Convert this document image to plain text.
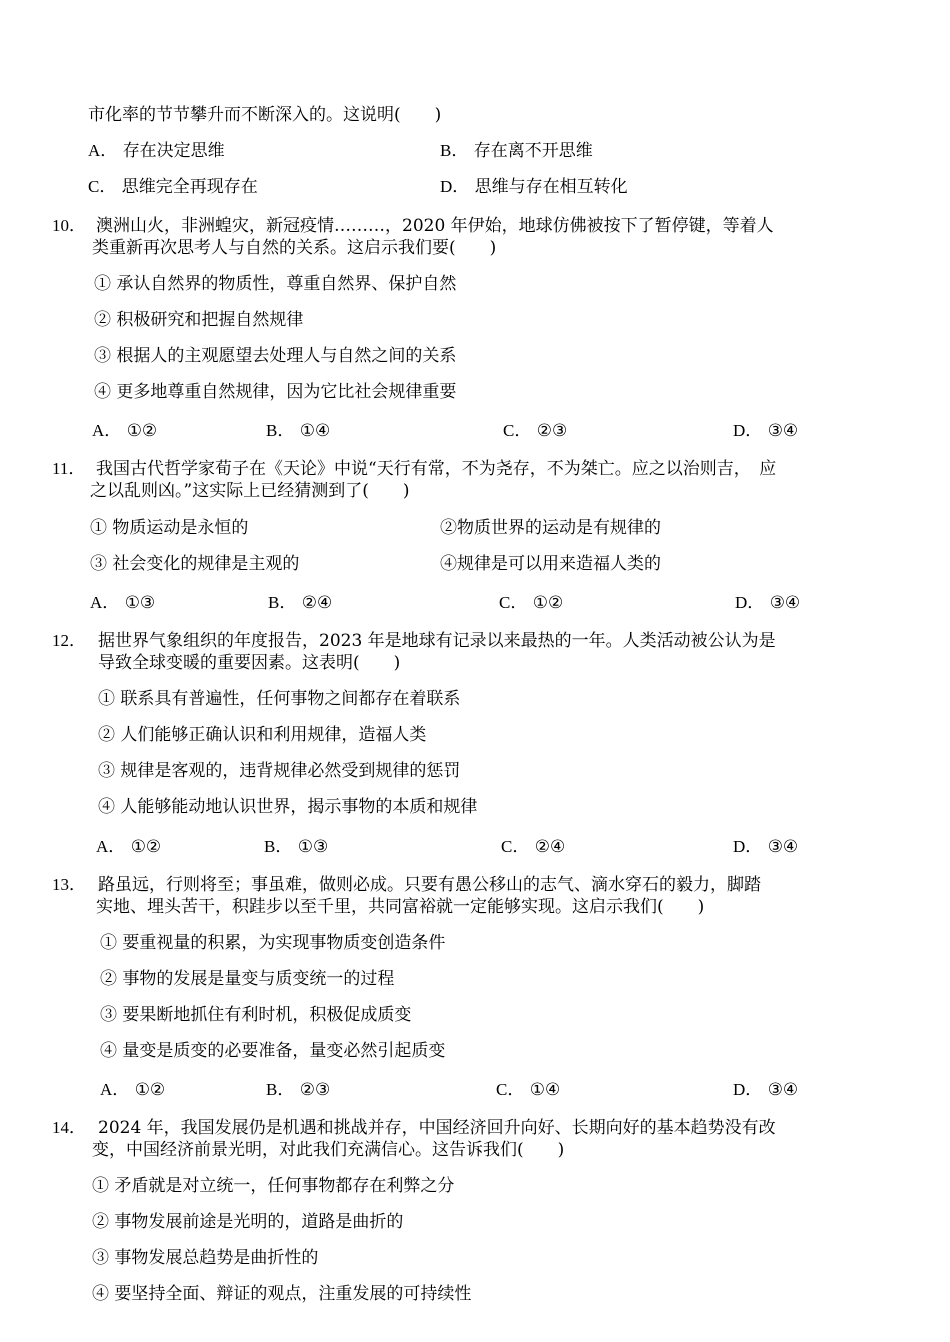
市化率的节节攀升而不断深入的。这说明(　　)
A． 存在决定思维	B． 存在离不开思维
C． 思维完全再现存在	D． 思维与存在相互转化
10． 澳洲山火，非洲蝗灾，新冠疫情………，2020 年伊始，地球仿佛被按下了暂停键，等着人
类重新再次思考人与自然的关系。这启示我们要(　　)
① 承认自然界的物质性，尊重自然界、保护自然
② 积极研究和把握自然规律
③ 根据人的主观愿望去处理人与自然之间的关系
④ 更多地尊重自然规律，因为它比社会规律重要
A． ①②	B． ①④	C． ②③	D． ③④
11． 我国古代哲学家荀子在《天论》中说“天行有常，不为尧存，不为桀亡。应之以治则吉，　应
之以乱则凶。”这实际上已经猜测到了(　　)
① 物质运动是永恒的	②物质世界的运动是有规律的
③ 社会变化的规律是主观的	④规律是可以用来造福人类的
A． ①③	B． ②④	C． ①②	D． ③④
12． 据世界气象组织的年度报告，2023 年是地球有记录以来最热的一年。人类活动被公认为是
导致全球变暖的重要因素。这表明(　　)
① 联系具有普遍性，任何事物之间都存在着联系
② 人们能够正确认识和利用规律，造福人类
③ 规律是客观的，违背规律必然受到规律的惩罚
④ 人能够能动地认识世界，揭示事物的本质和规律
A． ①②	B． ①③	C． ②④	D． ③④
13． 路虽远，行则将至；事虽难，做则必成。只要有愚公移山的志气、滴水穿石的毅力，脚踏
实地、埋头苦干，积跬步以至千里，共同富裕就一定能够实现。这启示我们(　　)
① 要重视量的积累，为实现事物质变创造条件
② 事物的发展是量变与质变统一的过程
③ 要果断地抓住有利时机，积极促成质变
④ 量变是质变的必要准备，量变必然引起质变
A． ①②	B． ②③	C． ①④	D． ③④
14． 2024 年，我国发展仍是机遇和挑战并存，中国经济回升向好、长期向好的基本趋势没有改
变，中国经济前景光明，对此我们充满信心。这告诉我们(　　)
① 矛盾就是对立统一，任何事物都存在利弊之分
② 事物发展前途是光明的，道路是曲折的
③ 事物发展总趋势是曲折性的
④ 要坚持全面、辩证的观点，注重发展的可持续性
